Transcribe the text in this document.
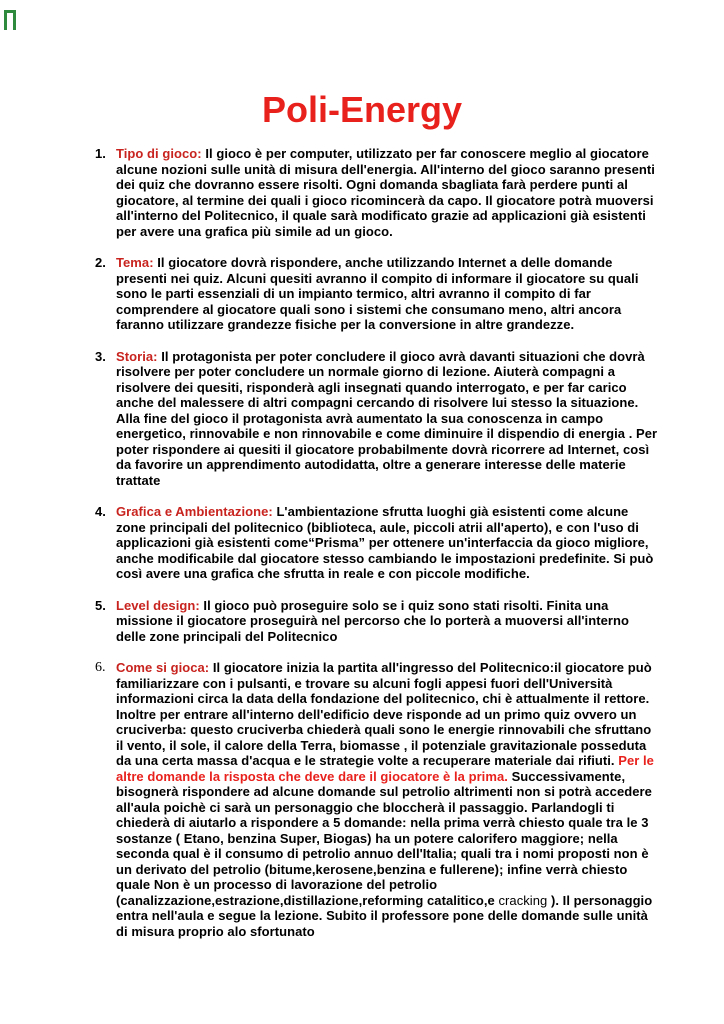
Poli-Energy
1. Tipo di gioco: Il gioco è per computer, utilizzato per far conoscere meglio al giocatore alcune nozioni sulle unità di misura dell'energia. All'interno del gioco saranno presenti dei quiz che dovranno essere risolti. Ogni domanda sbagliata farà perdere punti al giocatore, al termine dei quali i gioco ricomincerà da capo. Il giocatore potrà muoversi all'interno del Politecnico, il quale sarà modificato grazie ad applicazioni già esistenti per avere una grafica più simile ad un gioco.
2. Tema: Il giocatore dovrà rispondere, anche utilizzando Internet a delle domande presenti nei quiz. Alcuni quesiti avranno il compito di informare il giocatore su quali sono le parti essenziali di un impianto termico, altri avranno il compito di far comprendere al giocatore quali sono i sistemi che consumano meno, altri ancora faranno utilizzare grandezze fisiche per la conversione in altre grandezze.
3. Storia: Il protagonista per poter concludere il gioco avrà davanti situazioni che dovrà risolvere per poter concludere un normale giorno di lezione. Aiuterà compagni a risolvere dei quesiti, risponderà agli insegnati quando interrogato, e per far carico anche del malessere di altri compagni cercando di risolvere lui stesso la situazione. Alla fine del gioco il protagonista avrà aumentato la sua conoscenza in campo energetico, rinnovabile e non rinnovabile e come diminuire il dispendio di energia . Per poter rispondere ai quesiti il giocatore probabilmente dovrà ricorrere ad Internet, così da favorire un apprendimento autodidatta, oltre a generare interesse delle materie trattate
4. Grafica e Ambientazione: L'ambientazione sfrutta luoghi già esistenti come alcune zone principali del politecnico (biblioteca, aule, piccoli atrii all'aperto), e con l'uso di applicazioni già esistenti come“Prisma” per ottenere un'interfaccia da gioco migliore, anche modificabile dal giocatore stesso cambiando le impostazioni predefinite. Si può così avere una grafica che sfrutta in reale e con piccole modifiche.
5. Level design: Il gioco può proseguire solo se i quiz sono stati risolti. Finita una missione il giocatore proseguirà nel percorso che lo porterà a muoversi all'interno delle zone principali del Politecnico
6. Come si gioca: Il giocatore inizia la partita all'ingresso del Politecnico:il giocatore può familiarizzare con i pulsanti, e trovare su alcuni fogli appesi fuori dell'Università informazioni circa la data della fondazione del politecnico, chi è attualmente il rettore. Inoltre per entrare all'interno dell'edificio deve risponde ad un primo quiz ovvero un cruciverba: questo cruciverba chiederà quali sono le energie rinnovabili che sfruttano il vento, il sole, il calore della Terra, biomasse , il potenziale gravitazionale posseduta da una certa massa d'acqua e le strategie volte a recuperare materiale dai rifiuti. Per le altre domande la risposta che deve dare il giocatore è la prima. Successivamente, bisognerà rispondere ad alcune domande sul petrolio altrimenti non si potrà accedere all'aula poichè ci sarà un personaggio che bloccherà il passaggio. Parlandogli ti chiederà di aiutarlo a rispondere a 5 domande: nella prima verrà chiesto quale tra le 3 sostanze ( Etano, benzina Super, Biogas) ha un potere calorifero maggiore; nella seconda qual è il consumo di petrolio annuo dell'Italia; quali tra i nomi proposti non è un derivato del petrolio (bitume,kerosene,benzina e fullerene); infine verrà chiesto quale Non è un processo di lavorazione del petrolio (canalizzazione,estrazione,distillazione,reforming catalitico,e cracking ). Il personaggio entra nell'aula e segue la lezione. Subito il professore pone delle domande sulle unità di misura proprio alo sfortunato
